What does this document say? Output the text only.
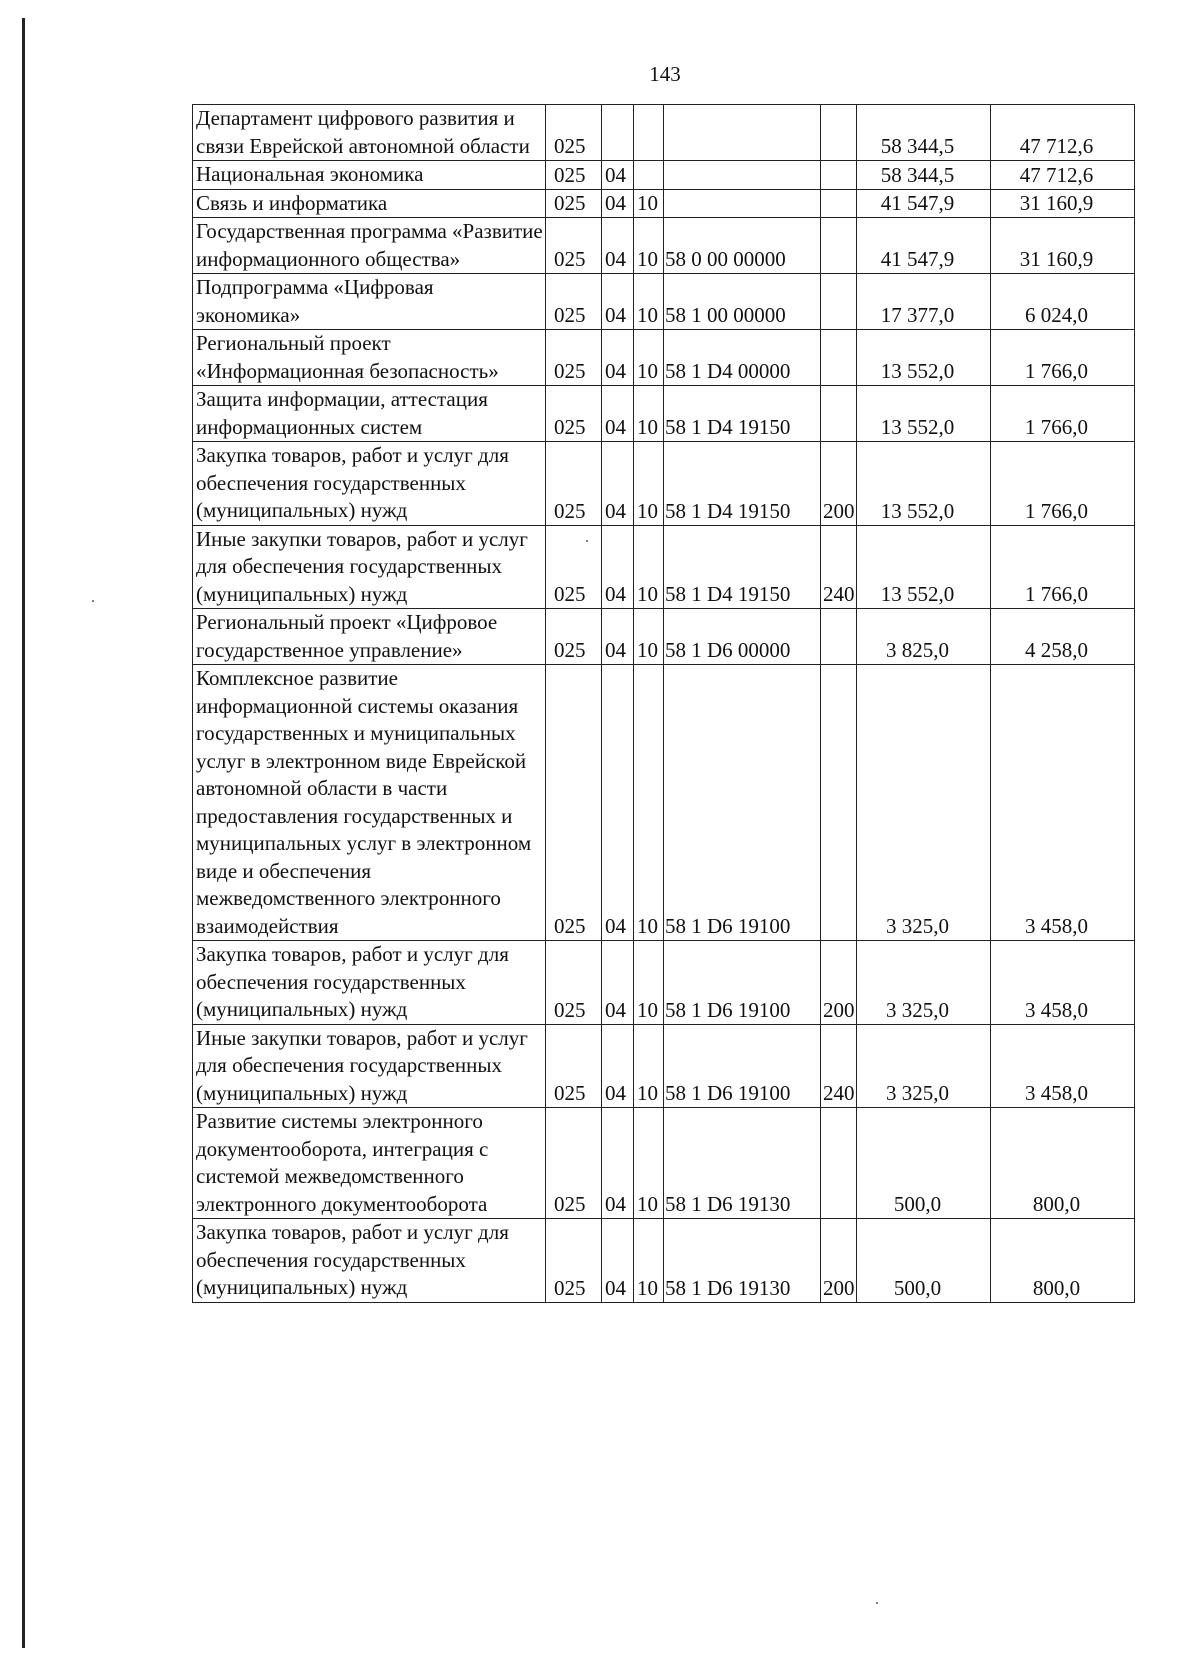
143
Департамент цифрового развития и связи Еврейской автономной области	025					58 344,5	47 712,6
Национальная экономика	025	04				58 344,5	47 712,6
Связь и информатика	025	04	10			41 547,9	31 160,9
Государственная программа «Развитие информационного общества»	025	04	10	58 0 00 00000		41 547,9	31 160,9
Подпрограмма «Цифровая экономика»	025	04	10	58 1 00 00000		17 377,0	6 024,0
Региональный проект «Информационная безопасность»	025	04	10	58 1 D4 00000		13 552,0	1 766,0
Защита информации, аттестация информационных систем	025	04	10	58 1 D4 19150		13 552,0	1 766,0
Закупка товаров, работ и услуг для обеспечения государственных (муниципальных) нужд	025	04	10	58 1 D4 19150	200	13 552,0	1 766,0
Иные закупки товаров, работ и услуг для обеспечения государственных (муниципальных) нужд	025	04	10	58 1 D4 19150	240	13 552,0	1 766,0
Региональный проект «Цифровое государственное управление»	025	04	10	58 1 D6 00000		3 825,0	4 258,0
Комплексное развитие информационной системы оказания государственных и муниципальных услуг в электронном виде Еврейской автономной области в части предоставления государственных и муниципальных услуг в электронном виде и обеспечения межведомственного электронного взаимодействия	025	04	10	58 1 D6 19100		3 325,0	3 458,0
Закупка товаров, работ и услуг для обеспечения государственных (муниципальных) нужд	025	04	10	58 1 D6 19100	200	3 325,0	3 458,0
Иные закупки товаров, работ и услуг для обеспечения государственных (муниципальных) нужд	025	04	10	58 1 D6 19100	240	3 325,0	3 458,0
Развитие системы электронного документооборота, интеграция с системой межведомственного электронного документооборота	025	04	10	58 1 D6 19130		500,0	800,0
Закупка товаров, работ и услуг для обеспечения государственных (муниципальных) нужд	025	04	10	58 1 D6 19130	200	500,0	800,0
